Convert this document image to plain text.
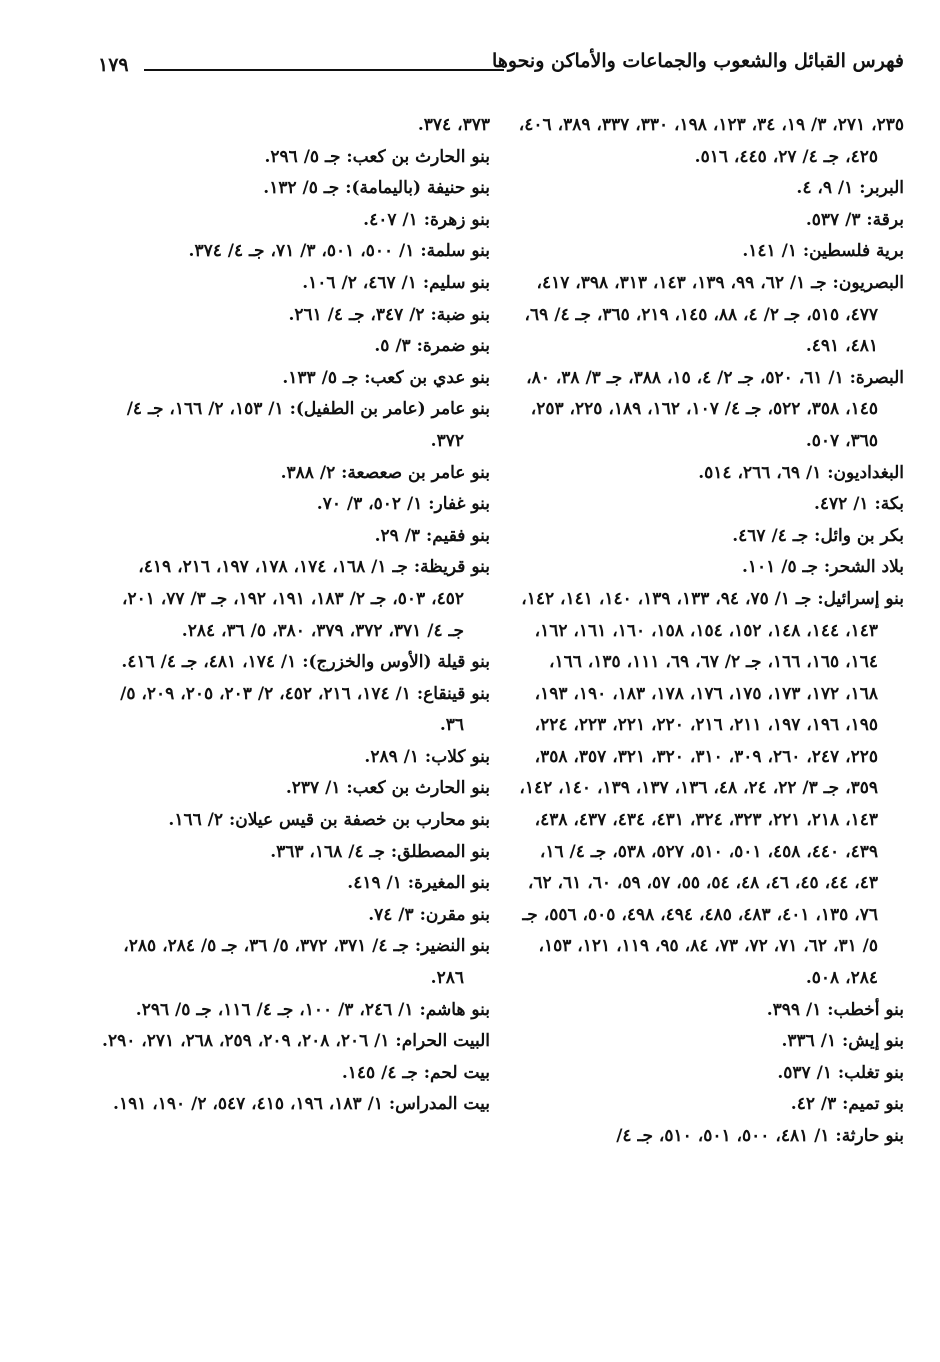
فهرس القبائل والشعوب والجماعات والأماكن ونحوها
١٧٩

٢٣٥، ٢٧١، ٣/ ١٩، ٣٤، ١٢٣، ١٩٨، ٣٣٠، ٣٣٧، ٣٨٩، ٤٠٦، ٤٢٥، جـ ٤/ ٢٧، ٤٤٥، ٥١٦.

البربر: ١/ ٩، ٤.

برقة: ٣/ ٥٣٧.

برية فلسطين: ١/ ١٤١.

البصريون: جـ ١/ ٦٢، ٩٩، ١٣٩، ١٤٣، ٣١٣، ٣٩٨، ٤١٧، ٤٧٧، ٥١٥، جـ ٢/ ٤، ٨٨، ١٤٥، ٢١٩، ٣٦٥، جـ ٤/ ٦٩، ٤٨١، ٤٩١.

البصرة: ١/ ٦١، ٥٢٠، جـ ٢/ ٤، ١٥، ٣٨٨، جـ ٣/ ٣٨، ٨٠، ١٤٥، ٣٥٨، ٥٢٢، جـ ٤/ ١٠٧، ١٦٢، ١٨٩، ٢٢٥، ٢٥٣، ٣٦٥، ٥٠٧.

البغداديون: ١/ ٦٩، ٢٦٦، ٥١٤.

بكة: ١/ ٤٧٢.

بكر بن وائل: جـ ٤/ ٤٦٧.

بلاد الشحر: جـ ٥/ ١٠١.

بنو إسرائيل: جـ ١/ ٧٥، ٩٤، ١٣٣، ١٣٩، ١٤٠، ١٤١، ١٤٢، ١٤٣، ١٤٤، ١٤٨، ١٥٢، ١٥٤، ١٥٨، ١٦٠، ١٦١، ١٦٢، ١٦٤، ١٦٥، ١٦٦، جـ ٢/ ٦٧، ٦٩، ١١١، ١٣٥، ١٦٦، ١٦٨، ١٧٢، ١٧٣، ١٧٥، ١٧٦، ١٧٨، ١٨٣، ١٩٠، ١٩٣، ١٩٥، ١٩٦، ١٩٧، ٢١١، ٢١٦، ٢٢٠، ٢٢١، ٢٢٣، ٢٢٤، ٢٢٥، ٢٤٧، ٢٦٠، ٣٠٩، ٣١٠، ٣٢٠، ٣٢١، ٣٥٧، ٣٥٨، ٣٥٩، جـ ٣/ ٢٢، ٢٤، ٤٨، ١٣٦، ١٣٧، ١٣٩، ١٤٠، ١٤٢، ١٤٣، ٢١٨، ٢٢١، ٣٢٣، ٣٢٤، ٤٣١، ٤٣٤، ٤٣٧، ٤٣٨، ٤٣٩، ٤٤٠، ٤٥٨، ٥٠١، ٥١٠، ٥٢٧، ٥٣٨، جـ ٤/ ١٦، ٤٣، ٤٤، ٤٥، ٤٦، ٤٨، ٥٤، ٥٥، ٥٧، ٥٩، ٦٠، ٦١، ٦٢، ٧٦، ١٣٥، ٤٠١، ٤٨٣، ٤٨٥، ٤٩٤، ٤٩٨، ٥٠٥، ٥٥٦، جـ ٥/ ٣١، ٦٢، ٧١، ٧٢، ٧٣، ٨٤، ٩٥، ١١٩، ١٢١، ١٥٣، ٢٨٤، ٥٠٨.

بنو أخطب: ١/ ٣٩٩.

بنو إيش: ١/ ٣٣٦.

بنو تغلب: ١/ ٥٣٧.

بنو تميم: ٣/ ٤٢.

بنو حارثة: ١/ ٤٨١، ٥٠٠، ٥٠١، ٥١٠، جـ ٤/

٣٧٣، ٣٧٤.

بنو الحارث بن كعب: جـ ٥/ ٢٩٦.

بنو حنيفة (باليمامة): جـ ٥/ ١٣٢.

بنو زهرة: ١/ ٤٠٧.

بنو سلمة: ١/ ٥٠٠، ٥٠١، ٣/ ٧١، جـ ٤/ ٣٧٤.

بنو سليم: ١/ ٤٦٧، ٢/ ١٠٦.

بنو ضبة: ٢/ ٣٤٧، جـ ٤/ ٢٦١.

بنو ضمرة: ٣/ ٥.

بنو عدي بن كعب: جـ ٥/ ١٣٣.

بنو عامر (عامر بن الطفيل): ١/ ١٥٣، ٢/ ١٦٦، جـ ٤/ ٣٧٢.

بنو عامر بن صعصعة: ٢/ ٣٨٨.

بنو غفار: ١/ ٥٠٢، ٣/ ٧٠.

بنو فقيم: ٣/ ٢٩.

بنو قريظة: جـ ١/ ١٦٨، ١٧٤، ١٧٨، ١٩٧، ٢١٦، ٤١٩، ٤٥٢، ٥٠٣، جـ ٢/ ١٨٣، ١٩١، ١٩٢، جـ ٣/ ٧٧، ٢٠١، جـ ٤/ ٣٧١، ٣٧٢، ٣٧٩، ٣٨٠، ٥/ ٣٦، ٢٨٤.

بنو قيلة (الأوس والخزرج): ١/ ١٧٤، ٤٨١، جـ ٤/ ٤١٦.

بنو قينقاع: ١/ ١٧٤، ٢١٦، ٤٥٢، ٢/ ٢٠٣، ٢٠٥، ٢٠٩، ٥/ ٣٦.

بنو كلاب: ١/ ٢٨٩.

بنو الحارث بن كعب: ١/ ٢٣٧.

بنو محارب بن خصفة بن قيس عيلان: ٢/ ١٦٦.

بنو المصطلق: جـ ٤/ ١٦٨، ٣٦٣.

بنو المغيرة: ١/ ٤١٩.

بنو مقرن: ٣/ ٧٤.

بنو النضير: جـ ٤/ ٣٧١، ٣٧٢، ٥/ ٣٦، جـ ٥/ ٢٨٤، ٢٨٥، ٢٨٦.

بنو هاشم: ١/ ٢٤٦، ٣/ ١٠٠، جـ ٤/ ١١٦، جـ ٥/ ٢٩٦.

البيت الحرام: ١/ ٢٠٦، ٢٠٨، ٢٠٩، ٢٥٩، ٢٦٨، ٢٧١، ٢٩٠.

بيت لحم: جـ ٤/ ١٤٥.

بيت المدراس: ١/ ١٨٣، ١٩٦، ٤١٥، ٥٤٧، ٢/ ١٩٠، ١٩١.
